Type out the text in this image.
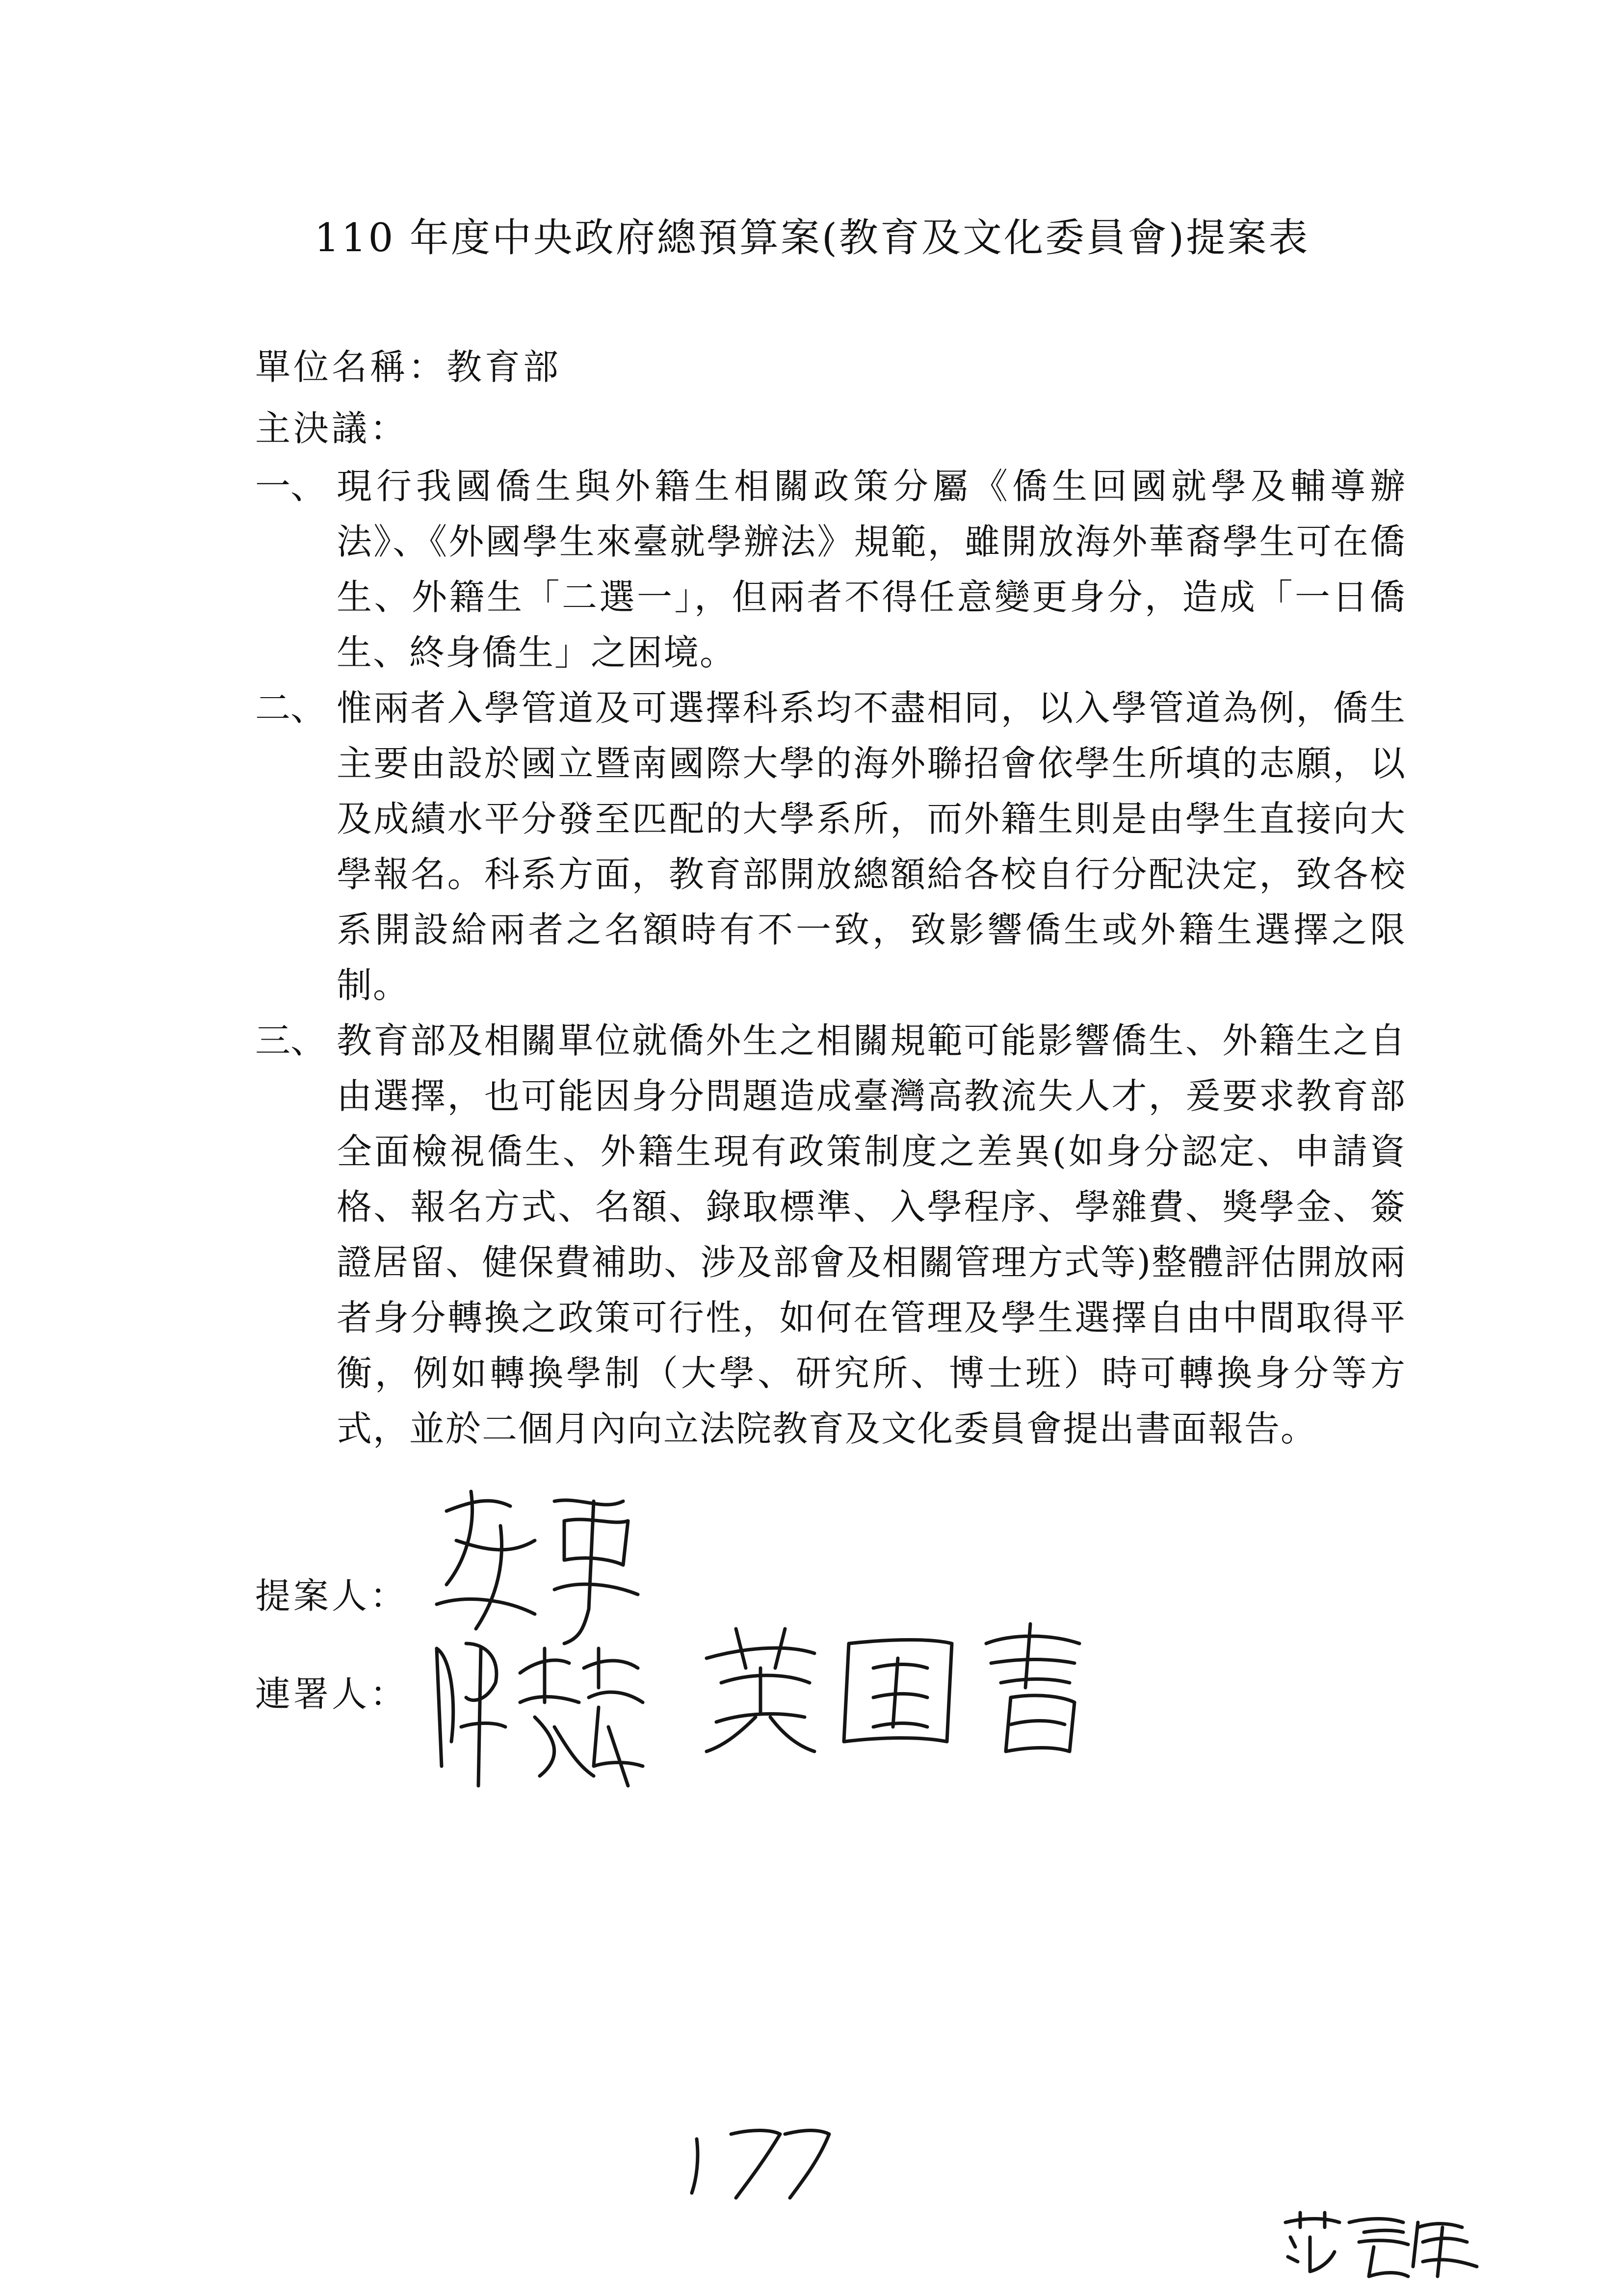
110 年度中央政府總預算案(教育及文化委員會)提案表
單位名稱：教育部
主決議：
一、 現行我國僑生與外籍生相關政策分屬《僑生回國就學及輔導辦法》、《外國學生來臺就學辦法》規範，雖開放海外華裔學生可在僑生、外籍生「二選一」，但兩者不得任意變更身分，造成「一日僑生、終身僑生」之困境。
二、 惟兩者入學管道及可選擇科系均不盡相同，以入學管道為例，僑生主要由設於國立暨南國際大學的海外聯招會依學生所填的志願，以及成績水平分發至匹配的大學系所，而外籍生則是由學生直接向大學報名。科系方面，教育部開放總額給各校自行分配決定，致各校系開設給兩者之名額時有不一致，致影響僑生或外籍生選擇之限制。
三、 教育部及相關單位就僑外生之相關規範可能影響僑生、外籍生之自由選擇，也可能因身分問題造成臺灣高教流失人才，爰要求教育部全面檢視僑生、外籍生現有政策制度之差異(如身分認定、申請資格、報名方式、名額、錄取標準、入學程序、學雜費、獎學金、簽證居留、健保費補助、涉及部會及相關管理方式等)整體評估開放兩者身分轉換之政策可行性，如何在管理及學生選擇自由中間取得平衡，例如轉換學制（大學、研究所、博士班）時可轉換身分等方式，並於二個月內向立法院教育及文化委員會提出書面報告。
提案人：
連署人：
